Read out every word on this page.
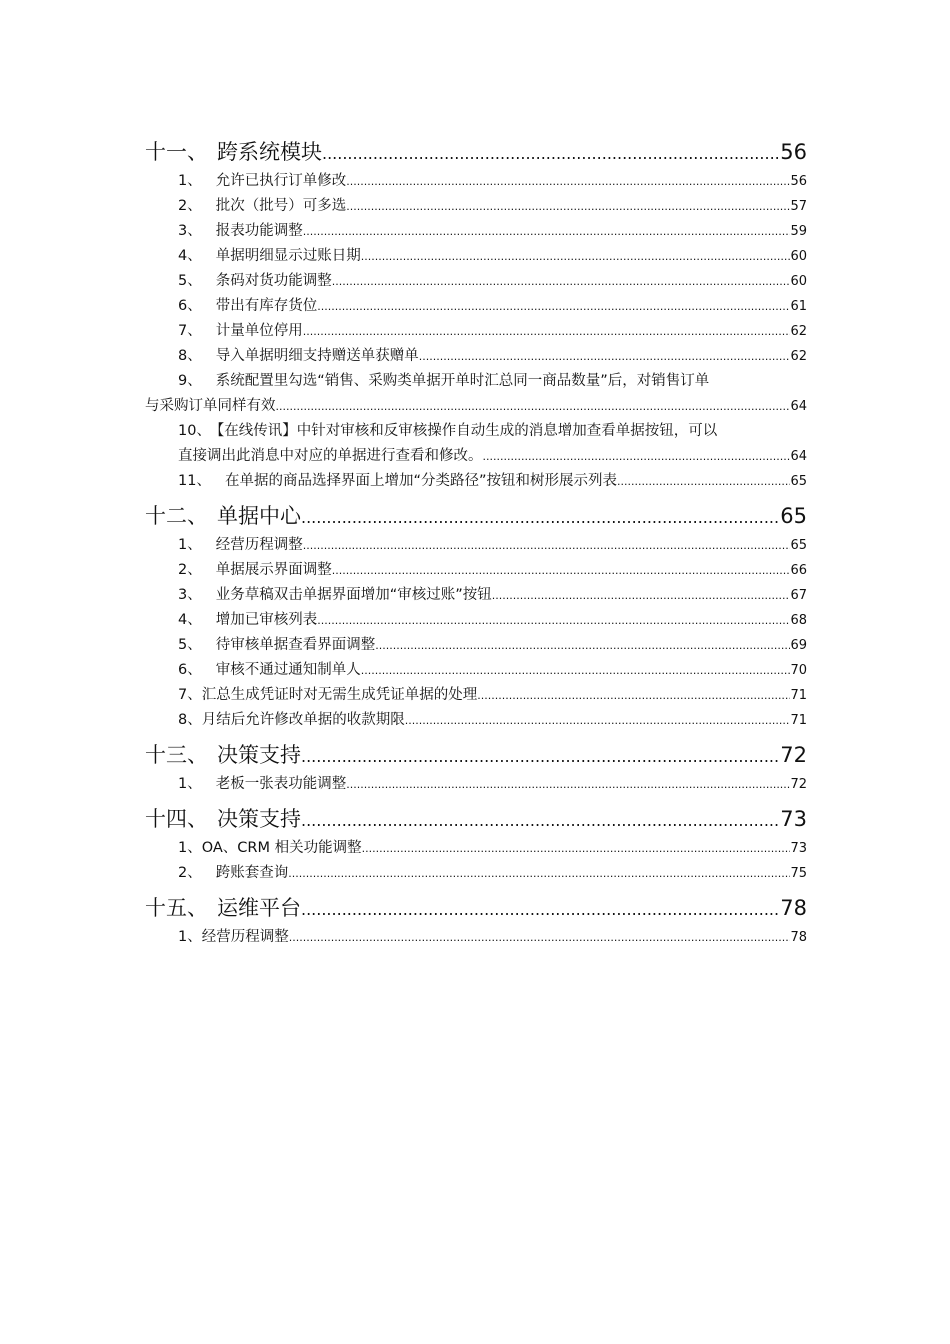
十一、 跨系统模块 .....	56
1、 允许已执行订单修改 .....	56
2、 批次（批号）可多选 .....	57
3、 报表功能调整 .....	59
4、 单据明细显示过账日期 .....	60
5、 条码对货功能调整 .....	60
6、 带出有库存货位 .....	61
7、 计量单位停用 .....	62
8、 导入单据明细支持赠送单获赠单 .....	62
9、 系统配置里勾选“销售、采购类单据开单时汇总同一商品数量”后，对销售订单
与采购订单同样有效 .....	64
10、 【在线传讯】中针对审核和反审核操作自动生成的消息增加查看单据按钮，可以
直接调出此消息中对应的单据进行查看和修改。 .....	64
11、 在单据的商品选择界面上增加“分类路径”按钮和树形展示列表 .....	65
十二、 单据中心 .....	65
1、 经营历程调整 .....	65
2、 单据展示界面调整 .....	66
3、 业务草稿双击单据界面增加“审核过账”按钮 .....	67
4、 增加已审核列表 .....	68
5、 待审核单据查看界面调整 .....	69
6、 审核不通过通知制单人 .....	70
7、 汇总生成凭证时对无需生成凭证单据的处理 .....	71
8、 月结后允许修改单据的收款期限 .....	71
十三、 决策支持 .....	72
1、 老板一张表功能调整 .....	72
十四、 决策支持 .....	73
1、 OA、CRM 相关功能调整 .....	73
2、 跨账套查询 .....	75
十五、 运维平台 .....	78
1、 经营历程调整 .....	78
